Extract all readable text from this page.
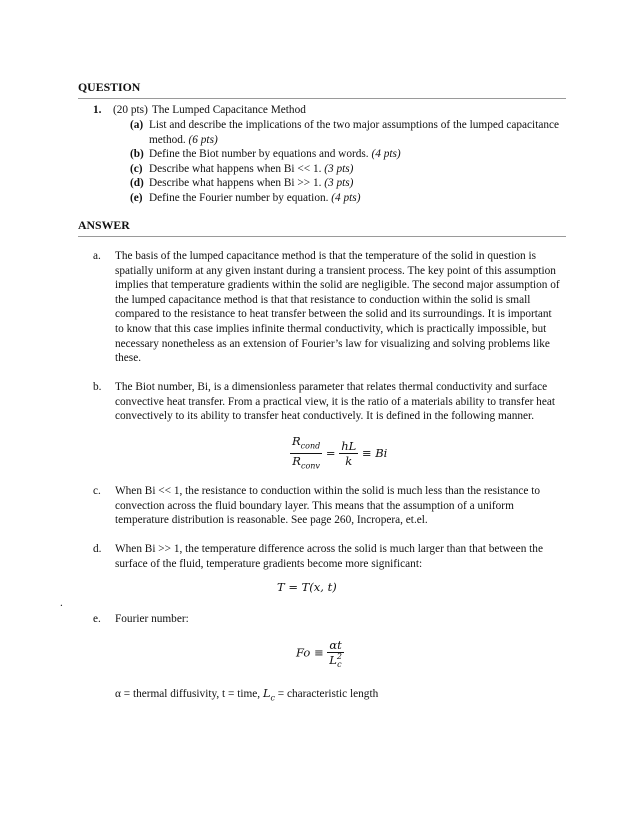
QUESTION
1.	(20 pts) The Lumped Capacitance Method
(a) List and describe the implications of the two major assumptions of the lumped capacitance method. (6 pts)
(b) Define the Biot number by equations and words. (4 pts)
(c) Describe what happens when Bi << 1. (3 pts)
(d) Describe what happens when Bi >> 1. (3 pts)
(e) Define the Fourier number by equation. (4 pts)
ANSWER
a.	The basis of the lumped capacitance method is that the temperature of the solid in question is spatially uniform at any given instant during a transient process. The key point of this assumption implies that temperature gradients within the solid are negligible. The second major assumption of the lumped capacitance method is that that resistance to conduction within the solid is small compared to the resistance to heat transfer between the solid and its surroundings. It is important to know that this case implies infinite thermal conductivity, which is practically impossible, but necessary nonetheless as an extension of Fourier’s law for visualizing and solving problems like these.
b.	The Biot number, Bi, is a dimensionless parameter that relates thermal conductivity and surface convective heat transfer. From a practical view, it is the ratio of a materials ability to transfer heat convectively to its ability to transfer heat conductively. It is defined in the following manner.
$\frac{R_{cond}}{R_{conv}} = \frac{hL}{k} \equiv Bi$
c.	When Bi << 1, the resistance to conduction within the solid is much less than the resistance to convection across the fluid boundary layer. This means that the assumption of a uniform temperature distribution is reasonable. See page 260, Incropera, et.el.
d.	When Bi >> 1, the temperature difference across the solid is much larger than that between the surface of the fluid, temperature gradients become more significant:
T = T(x, t)
.
e.	Fourier number:
Fo ≡ αt
L 2
c
α = thermal diffusivity, t = time, $L_c$ = characteristic length
